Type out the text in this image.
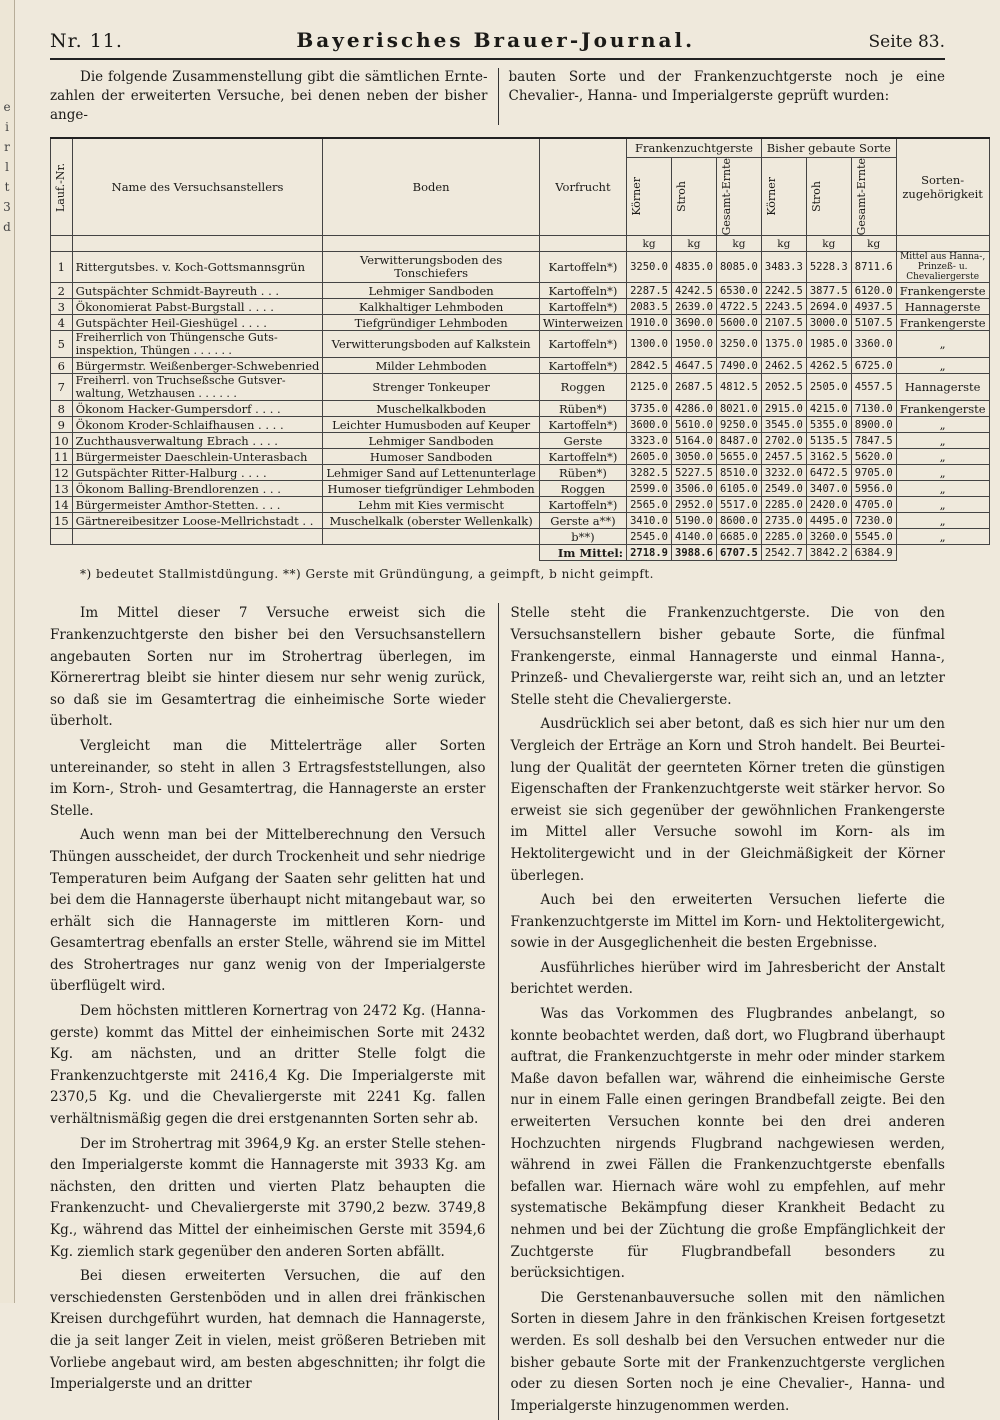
e
i
r
l
t
3
d
Nr. 11.	Bayerisches Brauer-Journal.	Seite 83.
Die folgende Zusammenstellung gibt die sämtlichen Erntezahlen der erweiterten Versuche, bei denen neben der bisher ange-
bauten Sorte und der Frankenzuchtgerste noch je eine Chevalier-, Hanna- und Imperialgerste geprüft wurden:
Lauf.-Nr.	Name des Versuchsanstellers	Boden	Vorfrucht	Frankenzuchtgerste			Bisher gebaute Sorte			Sorten-zugehörigkeit

				Körner	Stroh	Gesamt-Ernte	Körner	Stroh	Gesamt-Ernte	

				kg	kg	kg	kg	kg	kg	
1	Rittergutsbes. v. Koch-Gottsmannsgrün	Verwitterungsboden des Tonschiefers	Kartoffeln*)	3250.0	4835.0	8085.0	3483.3	5228.3	8711.6	Mittel aus Hanna-, Prinzeß- u. Chevaliergerste
2	Gutspächter Schmidt-Bayreuth . . .	Lehmiger Sandboden	Kartoffeln*)	2287.5	4242.5	6530.0	2242.5	3877.5	6120.0	Frankengerste
3	Ökonomierat Pabst-Burgstall . . . .	Kalkhaltiger Lehmboden	Kartoffeln*)	2083.5	2639.0	4722.5	2243.5	2694.0	4937.5	Hannagerste
4	Gutspächter Heil-Gieshügel . . . .	Tiefgründiger Lehmboden	Winterweizen	1910.0	3690.0	5600.0	2107.5	3000.0	5107.5	Frankengerste
5	Freiherrlich von Thüngensche Gutsinspektion, Thüngen . . . . . .	Verwitterungsboden auf Kalkstein	Kartoffeln*)	1300.0	1950.0	3250.0	1375.0	1985.0	3360.0	„
6	Bürgermstr. Weißenberger-Schwebenried	Milder Lehmboden	Kartoffeln*)	2842.5	4647.5	7490.0	2462.5	4262.5	6725.0	„
7	Freiherrl. von Truchseßsche Gutsverwaltung, Wetzhausen . . . . . .	Strenger Tonkeuper	Roggen	2125.0	2687.5	4812.5	2052.5	2505.0	4557.5	Hannagerste
8	Ökonom Hacker-Gumpersdorf . . . .	Muschelkalkboden	Rüben*)	3735.0	4286.0	8021.0	2915.0	4215.0	7130.0	Frankengerste
9	Ökonom Kroder-Schlaifhausen . . . .	Leichter Humusboden auf Keuper	Kartoffeln*)	3600.0	5610.0	9250.0	3545.0	5355.0	8900.0	„
10	Zuchthausverwaltung Ebrach . . . .	Lehmiger Sandboden	Gerste	3323.0	5164.0	8487.0	2702.0	5135.5	7847.5	„
11	Bürgermeister Daeschlein-Unterasbach	Humoser Sandboden	Kartoffeln*)	2605.0	3050.0	5655.0	2457.5	3162.5	5620.0	„
12	Gutspächter Ritter-Halburg . . . .	Lehmiger Sand auf Lettenunterlage	Rüben*)	3282.5	5227.5	8510.0	3232.0	6472.5	9705.0	„
13	Ökonom Balling-Brendlorenzen . . .	Humoser tiefgründiger Lehmboden	Roggen	2599.0	3506.0	6105.0	2549.0	3407.0	5956.0	„
14	Bürgermeister Amthor-Stetten. . . .	Lehm mit Kies vermischt	Kartoffeln*)	2565.0	2952.0	5517.0	2285.0	2420.0	4705.0	„
15	Gärtnereibesitzer Loose-Mellrichstadt . .	Muschelkalk (oberster Wellenkalk)	Gerste a**)	3410.0	5190.0	8600.0	2735.0	4495.0	7230.0	„
			b**)	2545.0	4140.0	6685.0	2285.0	3260.0	5545.0	„
			Im Mittel:	2718.9	3988.6	6707.5	2542.7	3842.2	6384.9	
*) bedeutet Stallmistdüngung. **) Gerste mit Gründüngung, a geimpft, b nicht geimpft.

Im Mittel dieser 7 Versuche erweist sich die Frankenzuchtgerste den bisher bei den Versuchsanstellern angebauten Sorten nur im Strohertrag überlegen, im Körnerertrag bleibt sie hinter diesem nur sehr wenig zurück, so daß sie im Gesamtertrag die einheimische Sorte wieder überholt.

Vergleicht man die Mittelerträge aller Sorten untereinander, so steht in allen 3 Ertragsfeststellungen, also im Korn-, Stroh- und Gesamtertrag, die Hannagerste an erster Stelle.

Auch wenn man bei der Mittelberechnung den Versuch Thüngen ausscheidet, der durch Trockenheit und sehr niedrige Temperaturen beim Aufgang der Saaten sehr gelitten hat und bei dem die Hannagerste überhaupt nicht mitangebaut war, so erhält sich die Hannagerste im mittleren Korn- und Gesamtertrag ebenfalls an erster Stelle, während sie im Mittel des Strohertrages nur ganz wenig von der Imperialgerste überflügelt wird.

Dem höchsten mittleren Kornertrag von 2472 Kg. (Hannagerste) kommt das Mittel der einheimischen Sorte mit 2432 Kg. am nächsten, und an dritter Stelle folgt die Frankenzuchtgerste mit 2416,4 Kg. Die Imperialgerste mit 2370,5 Kg. und die Chevaliergerste mit 2241 Kg. fallen verhältnismäßig gegen die drei erstgenannten Sorten sehr ab.

Der im Strohertrag mit 3964,9 Kg. an erster Stelle stehenden Imperialgerste kommt die Hannagerste mit 3933 Kg. am nächsten, den dritten und vierten Platz behaupten die Frankenzucht- und Chevaliergerste mit 3790,2 bezw. 3749,8 Kg., während das Mittel der einheimischen Gerste mit 3594,6 Kg. ziemlich stark gegenüber den anderen Sorten abfällt.

Bei diesen erweiterten Versuchen, die auf den verschiedensten Gerstenböden und in allen drei fränkischen Kreisen durchgeführt wurden, hat demnach die Hannagerste, die ja seit langer Zeit in vielen, meist größeren Betrieben mit Vorliebe angebaut wird, am besten abgeschnitten; ihr folgt die Imperialgerste und an dritter

Stelle steht die Frankenzuchtgerste. Die von den Versuchsanstellern bisher gebaute Sorte, die fünfmal Frankengerste, einmal Hannagerste und einmal Hanna-, Prinzeß- und Chevaliergerste war, reiht sich an, und an letzter Stelle steht die Chevaliergerste.

Ausdrücklich sei aber betont, daß es sich hier nur um den Vergleich der Erträge an Korn und Stroh handelt. Bei Beurteilung der Qualität der geernteten Körner treten die günstigen Eigenschaften der Frankenzuchtgerste weit stärker hervor. So erweist sie sich gegenüber der gewöhnlichen Frankengerste im Mittel aller Versuche sowohl im Korn- als im Hektolitergewicht und in der Gleichmäßigkeit der Körner überlegen.

Auch bei den erweiterten Versuchen lieferte die Frankenzuchtgerste im Mittel im Korn- und Hektolitergewicht, sowie in der Ausgeglichenheit die besten Ergebnisse.

Ausführliches hierüber wird im Jahresbericht der Anstalt berichtet werden.

Was das Vorkommen des Flugbrandes anbelangt, so konnte beobachtet werden, daß dort, wo Flugbrand überhaupt auftrat, die Frankenzuchtgerste in mehr oder minder starkem Maße davon befallen war, während die einheimische Gerste nur in einem Falle einen geringen Brandbefall zeigte. Bei den erweiterten Versuchen konnte bei den drei anderen Hochzuchten nirgends Flugbrand nachgewiesen werden, während in zwei Fällen die Frankenzuchtgerste ebenfalls befallen war. Hiernach wäre wohl zu empfehlen, auf mehr systematische Bekämpfung dieser Krankheit Bedacht zu nehmen und bei der Züchtung die große Empfänglichkeit der Zuchtgerste für Flugbrandbefall besonders zu berücksichtigen.

Die Gerstenanbauversuche sollen mit den nämlichen Sorten in diesem Jahre in den fränkischen Kreisen fortgesetzt werden. Es soll deshalb bei den Versuchen entweder nur die bisher gebaute Sorte mit der Frankenzuchtgerste verglichen oder zu diesen Sorten noch je eine Chevalier-, Hanna- und Imperialgerste hinzugenommen werden.
